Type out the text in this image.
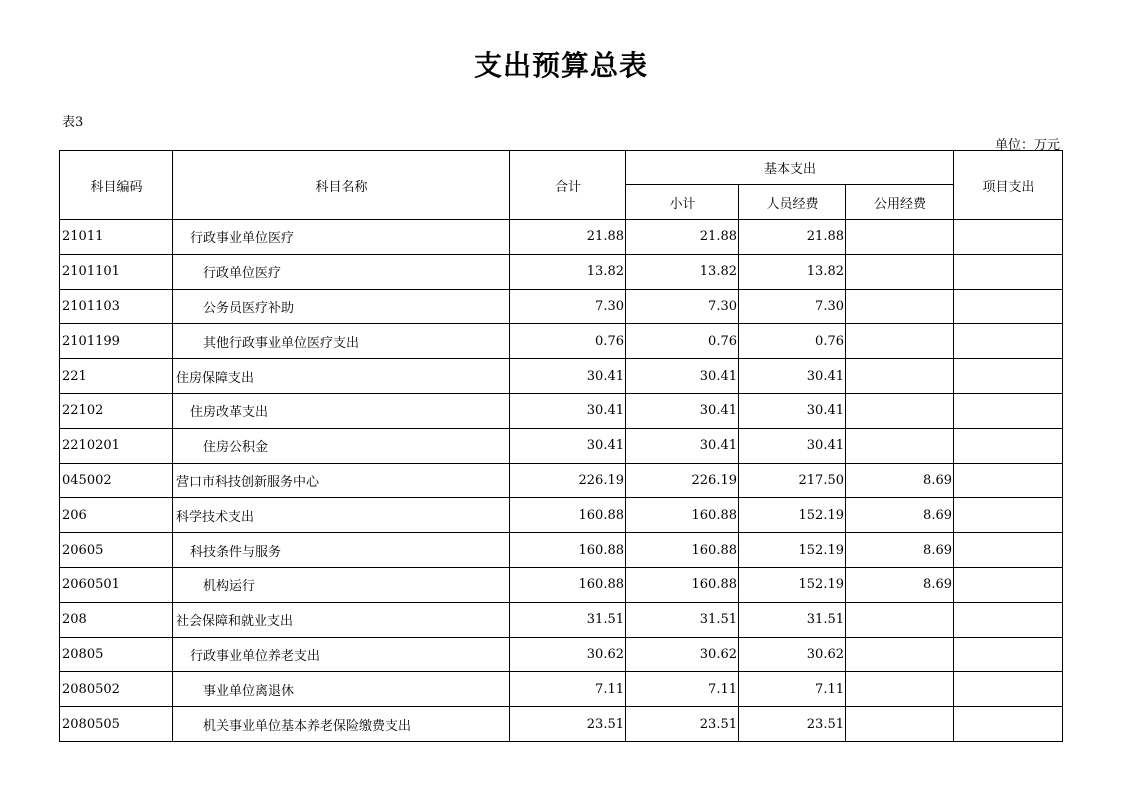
支出预算总表
表3
单位：万元
科目编码	科目名称	合计	基本支出			项目支出
			小计	人员经费	公用经费	
21011	行政事业单位医疗	21.88	21.88	21.88		
2101101	行政单位医疗	13.82	13.82	13.82		
2101103	公务员医疗补助	7.30	7.30	7.30		
2101199	其他行政事业单位医疗支出	0.76	0.76	0.76		
221	住房保障支出	30.41	30.41	30.41		
22102	住房改革支出	30.41	30.41	30.41		
2210201	住房公积金	30.41	30.41	30.41		
045002	营口市科技创新服务中心	226.19	226.19	217.50	8.69	
206	科学技术支出	160.88	160.88	152.19	8.69	
20605	科技条件与服务	160.88	160.88	152.19	8.69	
2060501	机构运行	160.88	160.88	152.19	8.69	
208	社会保障和就业支出	31.51	31.51	31.51		
20805	行政事业单位养老支出	30.62	30.62	30.62		
2080502	事业单位离退休	7.11	7.11	7.11		
2080505	机关事业单位基本养老保险缴费支出	23.51	23.51	23.51		
